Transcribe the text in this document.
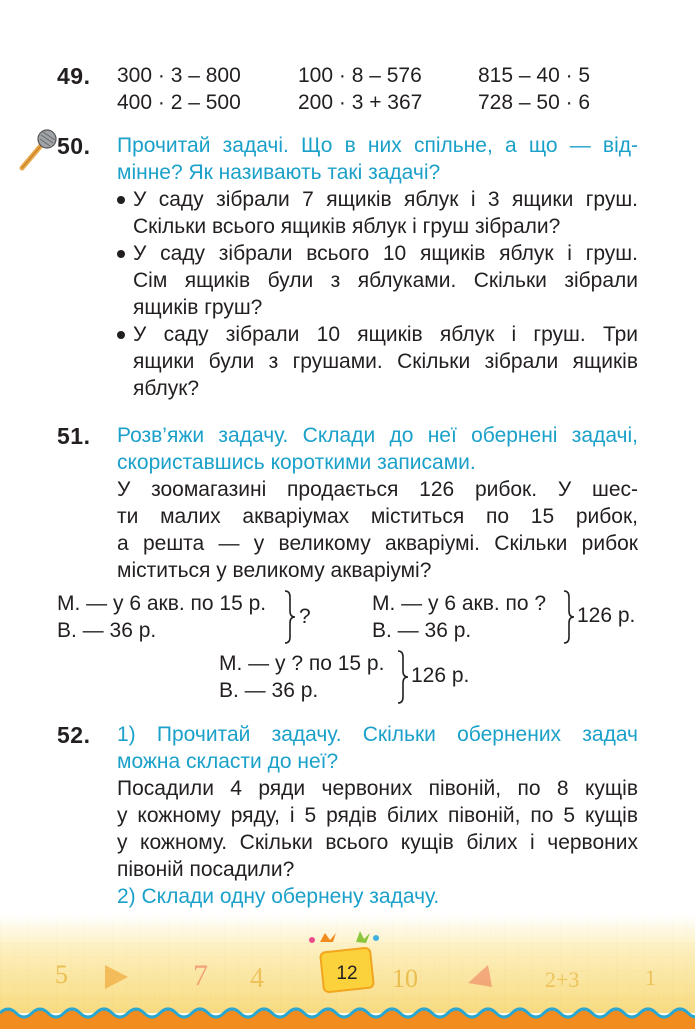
49. 300 · 3 – 800	100 · 8 – 576	815 – 40 · 5
400 · 2 – 500	200 · 3 + 367	728 – 50 · 6
50. Прочитай задачі. Що в них спільне, а що — від-
мінне? Як називають такі задачі?
У саду зібрали 7 ящиків яблук і 3 ящики груш.
Скільки всього ящиків яблук і груш зібрали?
У саду зібрали всього 10 ящиків яблук і груш.
Сім ящиків були з яблуками. Скільки зібрали
ящиків груш?
У саду зібрали 10 ящиків яблук і груш. Три
ящики були з грушами. Скільки зібрали ящиків
яблук?
51. Розв’яжи задачу. Склади до неї обернені задачі,
скориставшись короткими записами.
У зоомагазині продається 126 рибок. У шес-
ти малих акваріумах міститься по 15 рибок,
а решта — у великому акваріумі. Скільки рибок
міститься у великому акваріумі?
М. — у 6 акв. по 15 р.
В. — 36 р.
?
М. — у 6 акв. по ?
В. — 36 р.
126 р.
М. — у ? по 15 р.
В. — 36 р.
126 р.
52. 1) Прочитай задачу. Скільки обернених задач
можна скласти до неї?
Посадили 4 ряди червоних півоній, по 8 кущів
у кожному ряду, і 5 рядів білих півоній, по 5 кущів
у кожному. Скільки всього кущів білих і червоних
півоній посадили?
2) Склади одну обернену задачу.
5	7 4	10	2+3	1
12
